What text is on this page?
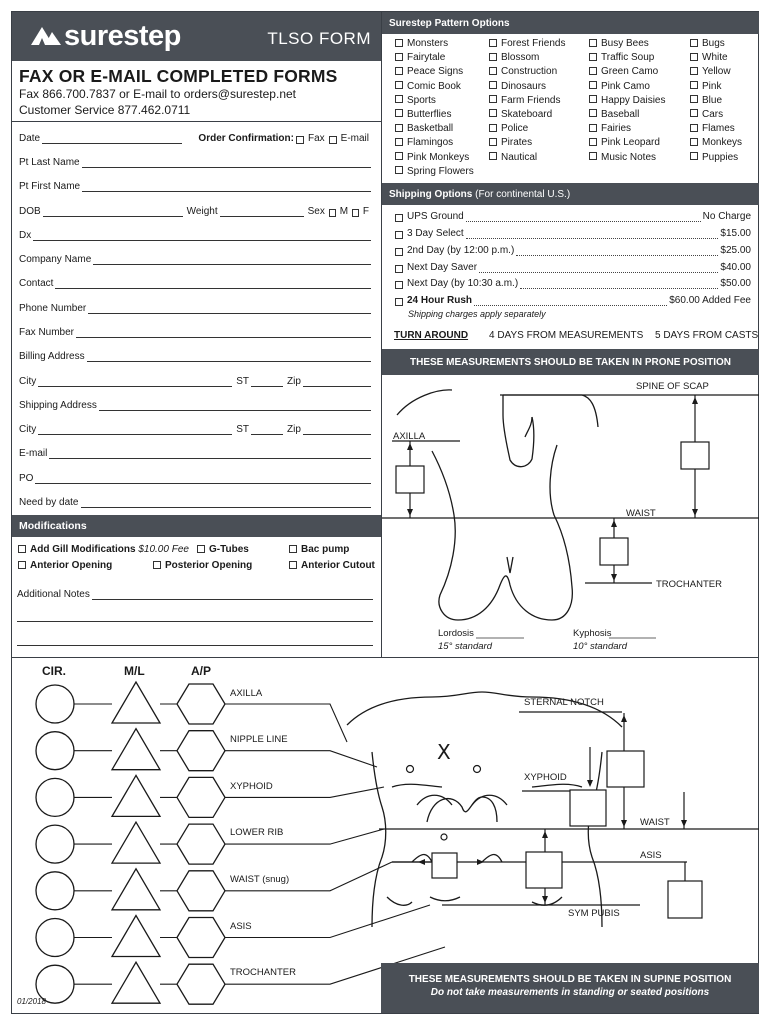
surestep	TLSO FORM
FAX OR E-MAIL COMPLETED FORMS
Fax 866.700.7837 or E-mail to orders@surestep.net
Customer Service 877.462.0711
Date	Order Confirmation: Fax E-mail
Pt Last Name
Pt First Name
DOB	Weight	Sex M F
Dx
Company Name
Contact
Phone Number
Fax Number
Billing Address
City	ST	Zip
Shipping Address
City	ST	Zip
E-mail
PO
Need by date
Modifications
Add Gill Modifications $10.00 Fee	G-Tubes	Bac pump
Anterior Opening	Posterior Opening	Anterior Cutout
Additional Notes
Surestep Pattern Options
Monsters	Forest Friends	Busy Bees	Bugs
Fairytale	Blossom	Traffic Soup	White
Peace Signs	Construction	Green Camo	Yellow
Comic Book	Dinosaurs	Pink Camo	Pink
Sports	Farm Friends	Happy Daisies	Blue
Butterflies	Skateboard	Baseball	Cars
Basketball	Police	Fairies	Flames
Flamingos	Pirates	Pink Leopard	Monkeys
Pink Monkeys	Nautical	Music Notes	Puppies
Spring Flowers
Shipping Options
(For continental U.S.)
UPS Ground	No Charge
3 Day Select	$15.00
2nd Day (by 12:00 p.m.)	$25.00
Next Day Saver	$40.00
Next Day (by 10:30 a.m.)	$50.00
24 Hour Rush	$60.00 Added Fee
Shipping charges apply separately
TURN AROUND 4 DAYS FROM MEASUREMENTS 5 DAYS FROM CASTS
THESE MEASUREMENTS SHOULD BE TAKEN IN PRONE POSITION
SPINE OF SCAP
AXILLA
WAIST
TROCHANTER
Lordosis
15° standard
Kyphosis
10° standard
CIR.	M/L	A/P
X
AXILLA
NIPPLE LINE
XYPHOID
LOWER RIB
WAIST (snug)
ASIS
TROCHANTER
STERNAL NOTCH
XYPHOID
WAIST
ASIS
SYM PUBIS
THESE MEASUREMENTS SHOULD BE TAKEN IN SUPINE POSITION
Do not take measurements in standing or seated positions
01/2018
